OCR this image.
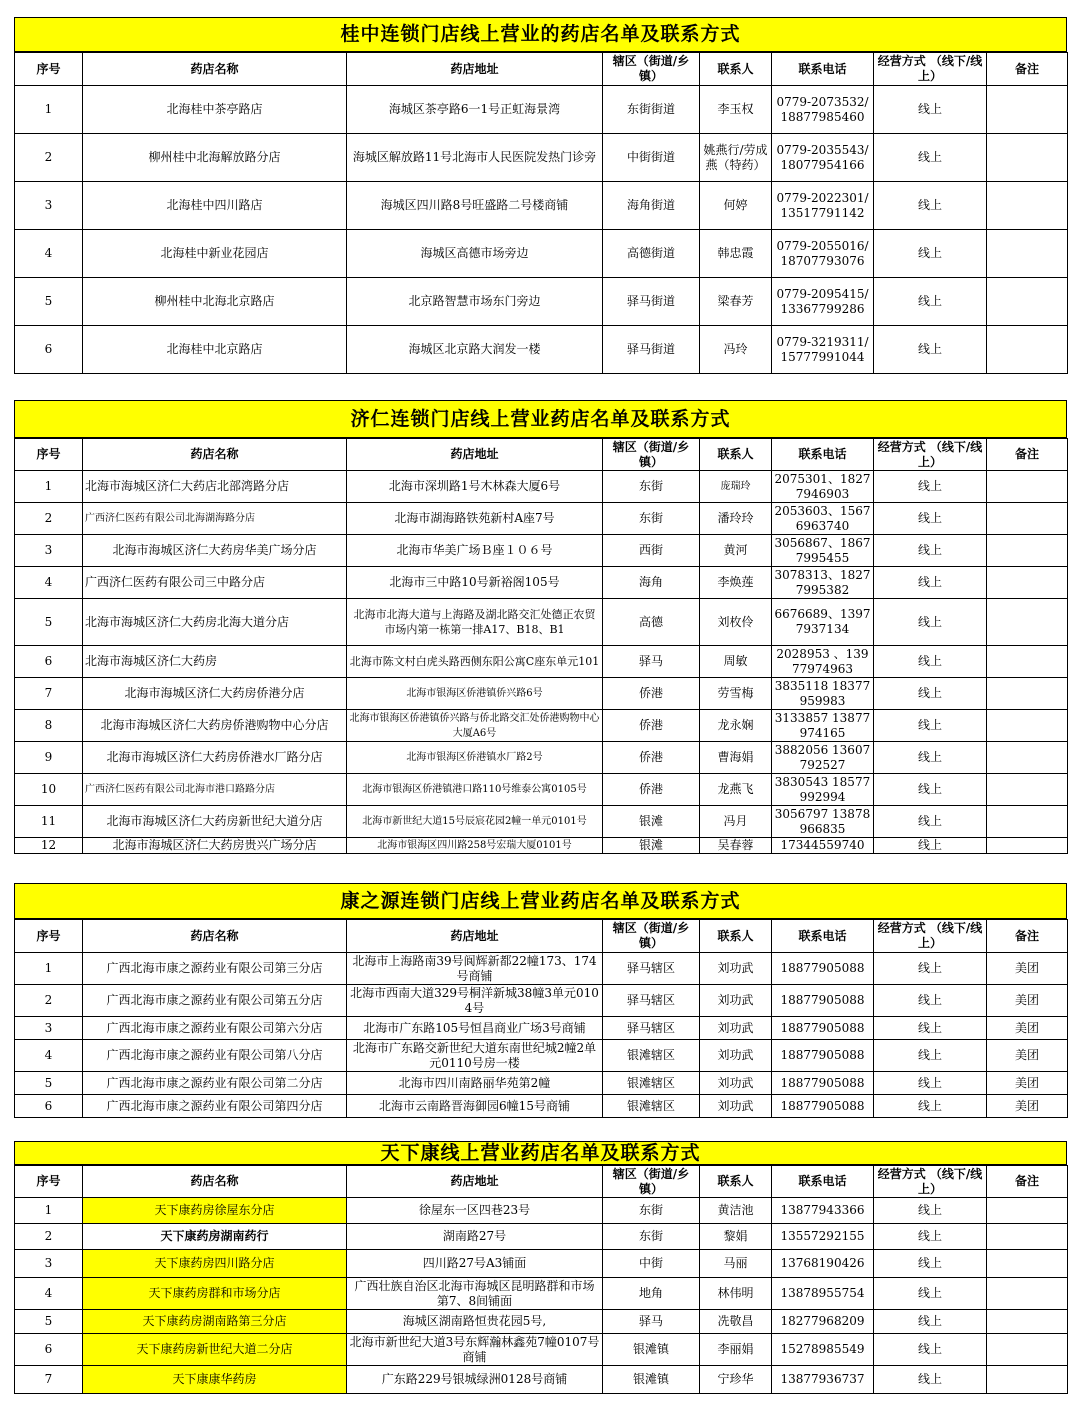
桂中连锁门店线上营业的药店名单及联系方式
序号	药店名称	药店地址	辖区（街道/乡镇）	联系人	联系电话	经营方式 （线下/线上）	备注
1	北海桂中茶亭路店	海城区茶亭路6一1号正虹海景湾	东街街道	李玉权	0779-2073532/18877985460	线上	
2	柳州桂中北海解放路分店	海城区解放路11号北海市人民医院发热门诊旁	中街街道	姚燕行/劳成燕（特药）	0779-2035543/18077954166	线上	
3	北海桂中四川路店	海城区四川路8号旺盛路二号楼商铺	海角街道	何婷	0779-2022301/13517791142	线上	
4	北海桂中新业花园店	海城区高德市场旁边	高德街道	韩忠霞	0779-2055016/18707793076	线上	
5	柳州桂中北海北京路店	北京路智慧市场东门旁边	驿马街道	梁春芳	0779-2095415/13367799286	线上	
6	北海桂中北京路店	海城区北京路大润发一楼	驿马街道	冯玲	0779-3219311/15777991044	线上	
济仁连锁门店线上营业药店名单及联系方式
序号	药店名称	药店地址	辖区（街道/乡镇）	联系人	联系电话	经营方式 （线下/线上）	备注
1	北海市海城区济仁大药店北部湾路分店	北海市深圳路1号木林森大厦6号	东街	庞瑞玲	2075301、18277946903	线上	
2	广西济仁医药有限公司北海湖海路分店	北海市湖海路铁苑新村A座7号	东街	潘玲玲	2053603、15676963740	线上	
3	北海市海城区济仁大药房华美广场分店	北海市华美广场Ｂ座１０６号	西街	黄河	3056867、18677995455	线上	
4	广西济仁医药有限公司三中路分店	北海市三中路10号新裕阁105号	海角	李焕莲	3078313、18277995382	线上	
5	北海市海城区济仁大药房北海大道分店	北海市北海大道与上海路及湖北路交汇处德正农贸市场内第一栋第一排A17、B18、B1	高德	刘枚伶	6676689、13977937134	线上	
6	北海市海城区济仁大药房	北海市陈文村白虎头路西侧东阳公寓C座东单元101	驿马	周敏	2028953 、13977974963	线上	
7	北海市海城区济仁大药房侨港分店	北海市银海区侨港镇侨兴路6号	侨港	劳雪梅	3835118 18377959983	线上	
8	北海市海城区济仁大药房侨港购物中心分店	北海市银海区侨港镇侨兴路与侨北路交汇处侨港购物中心大厦A6号	侨港	龙永娴	3133857 13877974165	线上	
9	北海市海城区济仁大药房侨港水厂路分店	北海市银海区侨港镇水厂路2号	侨港	曹海娟	3882056 13607792527	线上	
10	广西济仁医药有限公司北海市港口路路分店	北海市银海区侨港镇港口路110号维泰公寓0105号	侨港	龙燕飞	3830543 18577992994	线上	
11	北海市海城区济仁大药房新世纪大道分店	北海市新世纪大道15号辰宸花园2幢一单元0101号	银滩	冯月	3056797 13878966835	线上	
12	北海市海城区济仁大药房贵兴广场分店	北海市银海区四川路258号宏瑞大厦0101号	银滩	吴春蓉	17344559740	线上	
康之源连锁门店线上营业药店名单及联系方式
序号	药店名称	药店地址	辖区（街道/乡镇）	联系人	联系电话	经营方式 （线下/线上）	备注
1	广西北海市康之源药业有限公司第三分店	北海市上海路南39号阆辉新都22幢173、174号商铺	驿马辖区	刘功武	18877905088	线上	美团
2	广西北海市康之源药业有限公司第五分店	北海市西南大道329号桐洋新城38幢3单元0104号	驿马辖区	刘功武	18877905088	线上	美团
3	广西北海市康之源药业有限公司第六分店	北海市广东路105号恒昌商业广场3号商铺	驿马辖区	刘功武	18877905088	线上	美团
4	广西北海市康之源药业有限公司第八分店	北海市广东路交新世纪大道东南世纪城2幢2单元0110号房一楼	银滩辖区	刘功武	18877905088	线上	美团
5	广西北海市康之源药业有限公司第二分店	北海市四川南路丽华苑第2幢	银滩辖区	刘功武	18877905088	线上	美团
6	广西北海市康之源药业有限公司第四分店	北海市云南路晋海御园6幢15号商铺	银滩辖区	刘功武	18877905088	线上	美团
天下康线上营业药店名单及联系方式
序号	药店名称	药店地址	辖区（街道/乡镇）	联系人	联系电话	经营方式 （线下/线上）	备注
1	天下康药房徐屋东分店	徐屋东一区四巷23号	东街	黄洁池	13877943366	线上	
2	天下康药房湖南药行	湖南路27号	东街	黎娟	13557292155	线上	
3	天下康药房四川路分店	四川路27号A3铺面	中街	马丽	13768190426	线上	
4	天下康药房群和市场分店	广西壮族自治区北海市海城区昆明路群和市场第7、8间铺面	地角	林伟明	13878955754	线上	
5	天下康药房湖南路第三分店	海城区湖南路恒贵花园5号,	驿马	冼敬昌	18277968209	线上	
6	天下康药房新世纪大道二分店	北海市新世纪大道3号东辉瀚林鑫苑7幢0107号商铺	银滩镇	李丽娟	15278985549	线上	
7	天下康康华药房	广东路229号银城绿洲0128号商铺	银滩镇	宁珍华	13877936737	线上	
